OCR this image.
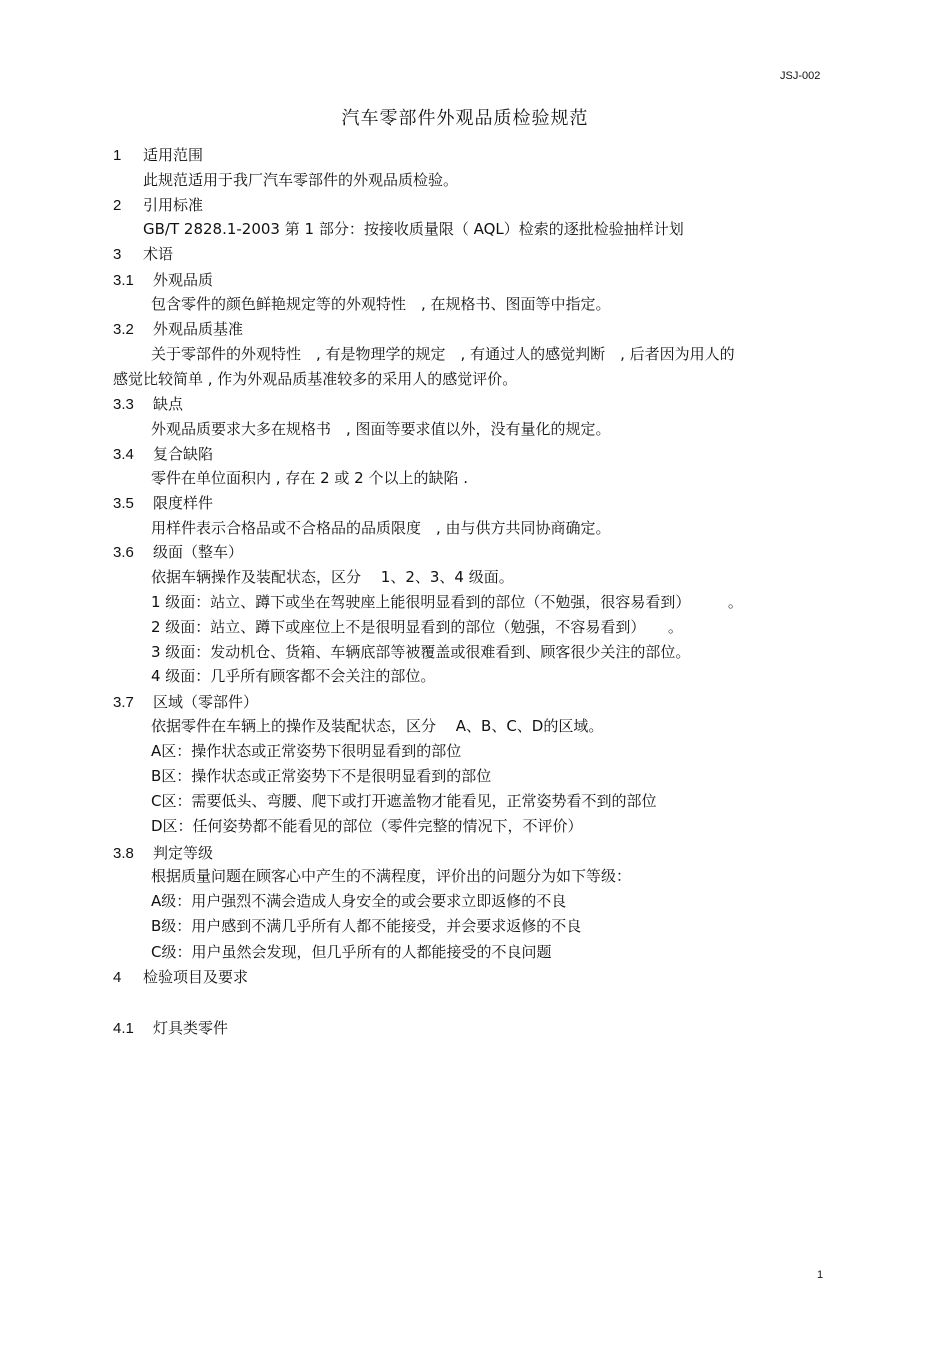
JSJ-002
汽车零部件外观品质检验规范
1 适用范围
此规范适用于我厂汽车零部件的外观品质检验。
2 引用标准
GB/T 2828.1-2003 第 1 部分：按接收质量限（ AQL）检索的逐批检验抽样计划
3 术语
3.1 外观品质
包含零件的颜色鲜艳规定等的外观特性　, 在规格书、图面等中指定。
3.2 外观品质基准
关于零部件的外观特性　, 有是物理学的规定　, 有通过人的感觉判断　, 后者因为用人的
感觉比较简单 , 作为外观品质基准较多的采用人的感觉评价。
3.3 缺点
外观品质要求大多在规格书　, 图面等要求值以外，没有量化的规定。
3.4 复合缺陷
零件在单位面积内 , 存在 2 或 2 个以上的缺陷 .
3.5 限度样件
用样件表示合格品或不合格品的品质限度　, 由与供方共同协商确定。
3.6 级面（整车）
依据车辆操作及装配状态，区分　 1、2、3、4 级面。
1 级面：站立、蹲下或坐在驾驶座上能很明显看到的部位（不勉强，很容易看到）　　　。
2 级面：站立、蹲下或座位上不是很明显看到的部位（勉强，不容易看到）　　。
3 级面：发动机仓、货箱、车辆底部等被覆盖或很难看到、顾客很少关注的部位。
4 级面：几乎所有顾客都不会关注的部位。
3.7 区域（零部件）
依据零件在车辆上的操作及装配状态，区分　 A、B、C、D的区域。
A区：操作状态或正常姿势下很明显看到的部位
B区：操作状态或正常姿势下不是很明显看到的部位
C区：需要低头、弯腰、爬下或打开遮盖物才能看见，正常姿势看不到的部位
D区：任何姿势都不能看见的部位（零件完整的情况下，不评价）
3.8 判定等级
根据质量问题在顾客心中产生的不满程度，评价出的问题分为如下等级：
A级：用户强烈不满会造成人身安全的或会要求立即返修的不良
B级：用户感到不满几乎所有人都不能接受，并会要求返修的不良
C级：用户虽然会发现，但几乎所有的人都能接受的不良问题
4 检验项目及要求
4.1 灯具类零件
1
